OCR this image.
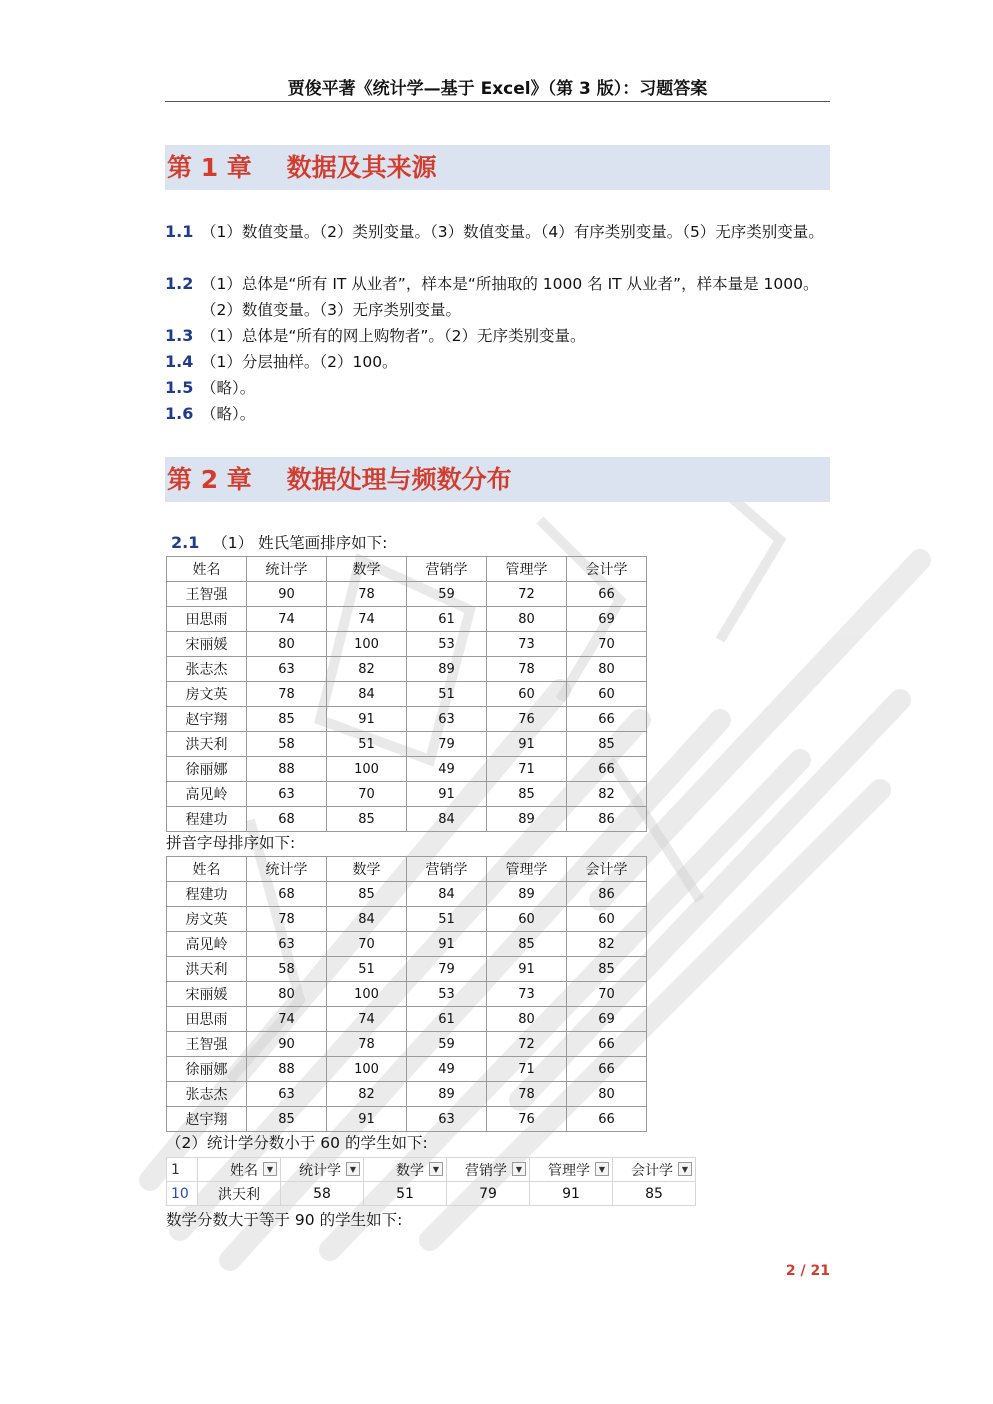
贾俊平著《统计学—基于 Excel》（第 3 版）：习题答案
第 1 章    数据及其来源
1.1 （1）数值变量。（2）类别变量。（3）数值变量。（4）有序类别变量。（5）无序类别变量。
1.2 （1）总体是“所有 IT 从业者”，样本是“所抽取的 1000 名 IT 从业者”，样本量是 1000。（2）数值变量。（3）无序类别变量。
1.3 （1）总体是“所有的网上购物者”。（2）无序类别变量。
1.4 （1）分层抽样。（2）100。
1.5 （略）。
1.6 （略）。
第 2 章    数据处理与频数分布
2.1 （1） 姓氏笔画排序如下:
姓名	统计学	数学	营销学	管理学	会计学
王智强	90	78	59	72	66
田思雨	74	74	61	80	69
宋丽媛	80	100	53	73	70
张志杰	63	82	89	78	80
房文英	78	84	51	60	60
赵宇翔	85	91	63	76	66
洪天利	58	51	79	91	85
徐丽娜	88	100	49	71	66
高见岭	63	70	91	85	82
程建功	68	85	84	89	86
拼音字母排序如下:
姓名	统计学	数学	营销学	管理学	会计学
程建功	68	85	84	89	86
房文英	78	84	51	60	60
高见岭	63	70	91	85	82
洪天利	58	51	79	91	85
宋丽媛	80	100	53	73	70
田思雨	74	74	61	80	69
王智强	90	78	59	72	66
徐丽娜	88	100	49	71	66
张志杰	63	82	89	78	80
赵宇翔	85	91	63	76	66
（2）统计学分数小于 60 的学生如下:
1	姓名 ▼	统计学 ▼	数学 ▼	营销学 ▼	管理学 ▼	会计学 ▼

10	洪天利	58	51	79	91	85
数学分数大于等于 90 的学生如下:
2 / 21
